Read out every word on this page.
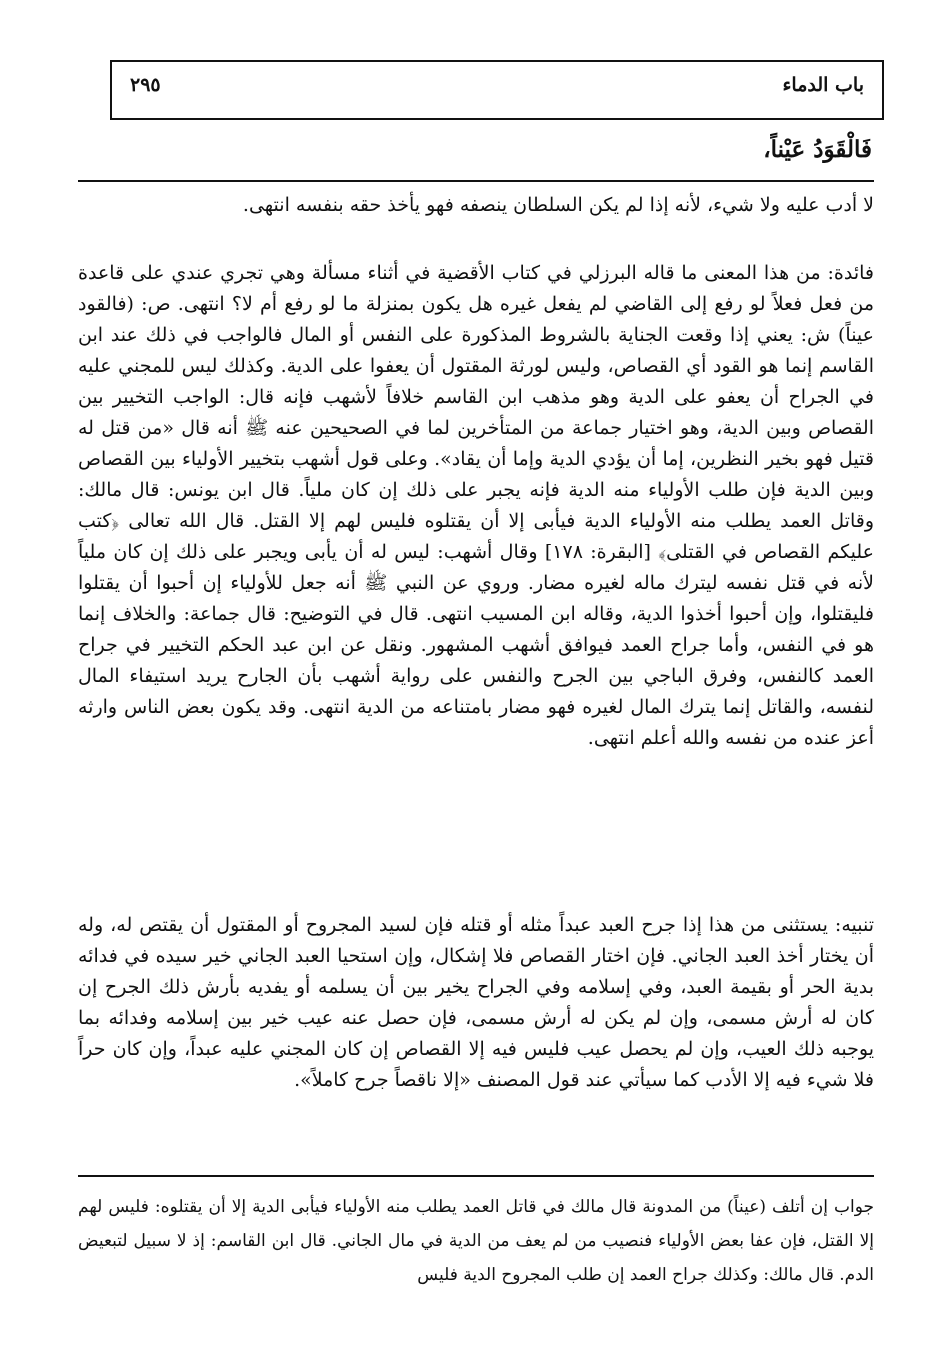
باب الدماء
٢٩٥
فَالْقَوَدُ عَيْناً،

لا أدب عليه ولا شيء، لأنه إذا لم يكن السلطان ينصفه فهو يأخذ حقه بنفسه انتهى.

فائدة: من هذا المعنى ما قاله البرزلي في كتاب الأقضية في أثناء مسألة وهي تجري عندي على قاعدة من فعل فعلاً لو رفع إلى القاضي لم يفعل غيره هل يكون بمنزلة ما لو رفع أم لا؟ انتهى. ص: (فالقود عيناً) ش: يعني إذا وقعت الجناية بالشروط المذكورة على النفس أو المال فالواجب في ذلك عند ابن القاسم إنما هو القود أي القصاص، وليس لورثة المقتول أن يعفوا على الدية. وكذلك ليس للمجني عليه في الجراح أن يعفو على الدية وهو مذهب ابن القاسم خلافاً لأشهب فإنه قال: الواجب التخيير بين القصاص وبين الدية، وهو اختيار جماعة من المتأخرين لما في الصحيحين عنه ﷺ أنه قال «من قتل له قتيل فهو بخير النظرين، إما أن يؤدي الدية وإما أن يقاد». وعلى قول أشهب بتخيير الأولياء بين القصاص وبين الدية فإن طلب الأولياء منه الدية فإنه يجبر على ذلك إن كان ملياً. قال ابن يونس: قال مالك: وقاتل العمد يطلب منه الأولياء الدية فيأبى إلا أن يقتلوه فليس لهم إلا القتل. قال الله تعالى ﴿كتب عليكم القصاص في القتلى﴾ [البقرة: ١٧٨] وقال أشهب: ليس له أن يأبى ويجبر على ذلك إن كان ملياً لأنه في قتل نفسه ليترك ماله لغيره مضار. وروي عن النبي ﷺ أنه جعل للأولياء إن أحبوا أن يقتلوا فليقتلوا، وإن أحبوا أخذوا الدية، وقاله ابن المسيب انتهى. قال في التوضيح: قال جماعة: والخلاف إنما هو في النفس، وأما جراح العمد فيوافق أشهب المشهور. ونقل عن ابن عبد الحكم التخيير في جراح العمد كالنفس، وفرق الباجي بين الجرح والنفس على رواية أشهب بأن الجارح يريد استيفاء المال لنفسه، والقاتل إنما يترك المال لغيره فهو مضار بامتناعه من الدية انتهى. وقد يكون بعض الناس وارثه أعز عنده من نفسه والله أعلم انتهى.

تنبيه: يستثنى من هذا إذا جرح العبد عبداً مثله أو قتله فإن لسيد المجروح أو المقتول أن يقتص له، وله أن يختار أخذ العبد الجاني. فإن اختار القصاص فلا إشكال، وإن استحيا العبد الجاني خير سيده في فدائه بدية الحر أو بقيمة العبد، وفي إسلامه وفي الجراح يخير بين أن يسلمه أو يفديه بأرش ذلك الجرح إن كان له أرش مسمى، وإن لم يكن له أرش مسمى، فإن حصل عنه عيب خير بين إسلامه وفدائه بما يوجبه ذلك العيب، وإن لم يحصل عيب فليس فيه إلا القصاص إن كان المجني عليه عبداً، وإن كان حراً فلا شيء فيه إلا الأدب كما سيأتي عند قول المصنف «إلا ناقصاً جرح كاملاً».

جواب إن أتلف (عيناً) من المدونة قال مالك في قاتل العمد يطلب منه الأولياء فيأبى الدية إلا أن يقتلوه: فليس لهم إلا القتل، فإن عفا بعض الأولياء فنصيب من لم يعف من الدية في مال الجاني. قال ابن القاسم: إذ لا سبيل لتبعيض الدم. قال مالك: وكذلك جراح العمد إن طلب المجروح الدية فليس
